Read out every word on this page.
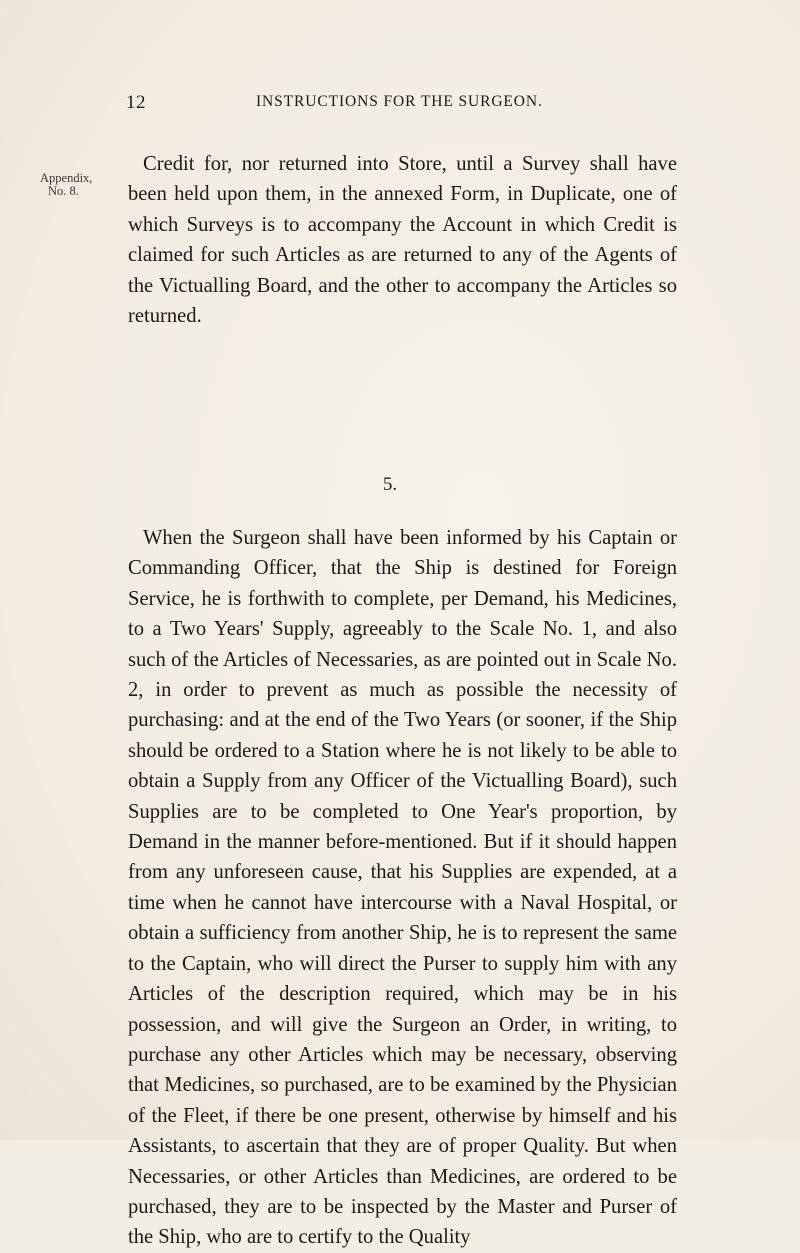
12	INSTRUCTIONS FOR THE SURGEON.
Appendix,
No. 8.

Credit for, nor returned into Store, until a Survey shall have been held upon them, in the annexed Form, in Duplicate, one of which Surveys is to accompany the Account in which Credit is claimed for such Articles as are returned to any of the Agents of the Victualling Board, and the other to accompany the Articles so returned.

5.

When the Surgeon shall have been informed by his Captain or Commanding Officer, that the Ship is destined for Foreign Service, he is forthwith to complete, per Demand, his Medicines, to a Two Years' Supply, agreeably to the Scale No. 1, and also such of the Articles of Necessaries, as are pointed out in Scale No. 2, in order to prevent as much as possible the necessity of purchasing: and at the end of the Two Years (or sooner, if the Ship should be ordered to a Station where he is not likely to be able to obtain a Supply from any Officer of the Victualling Board), such Supplies are to be completed to One Year's proportion, by Demand in the manner before-mentioned. But if it should happen from any unforeseen cause, that his Supplies are expended, at a time when he cannot have intercourse with a Naval Hospital, or obtain a sufficiency from another Ship, he is to represent the same to the Captain, who will direct the Purser to supply him with any Articles of the description required, which may be in his possession, and will give the Surgeon an Order, in writing, to purchase any other Articles which may be necessary, observing that Medicines, so purchased, are to be examined by the Physician of the Fleet, if there be one present, otherwise by himself and his Assistants, to ascertain that they are of proper Quality. But when Necessaries, or other Articles than Medicines, are ordered to be purchased, they are to be inspected by the Master and Purser of the Ship, who are to certify to the Quality
